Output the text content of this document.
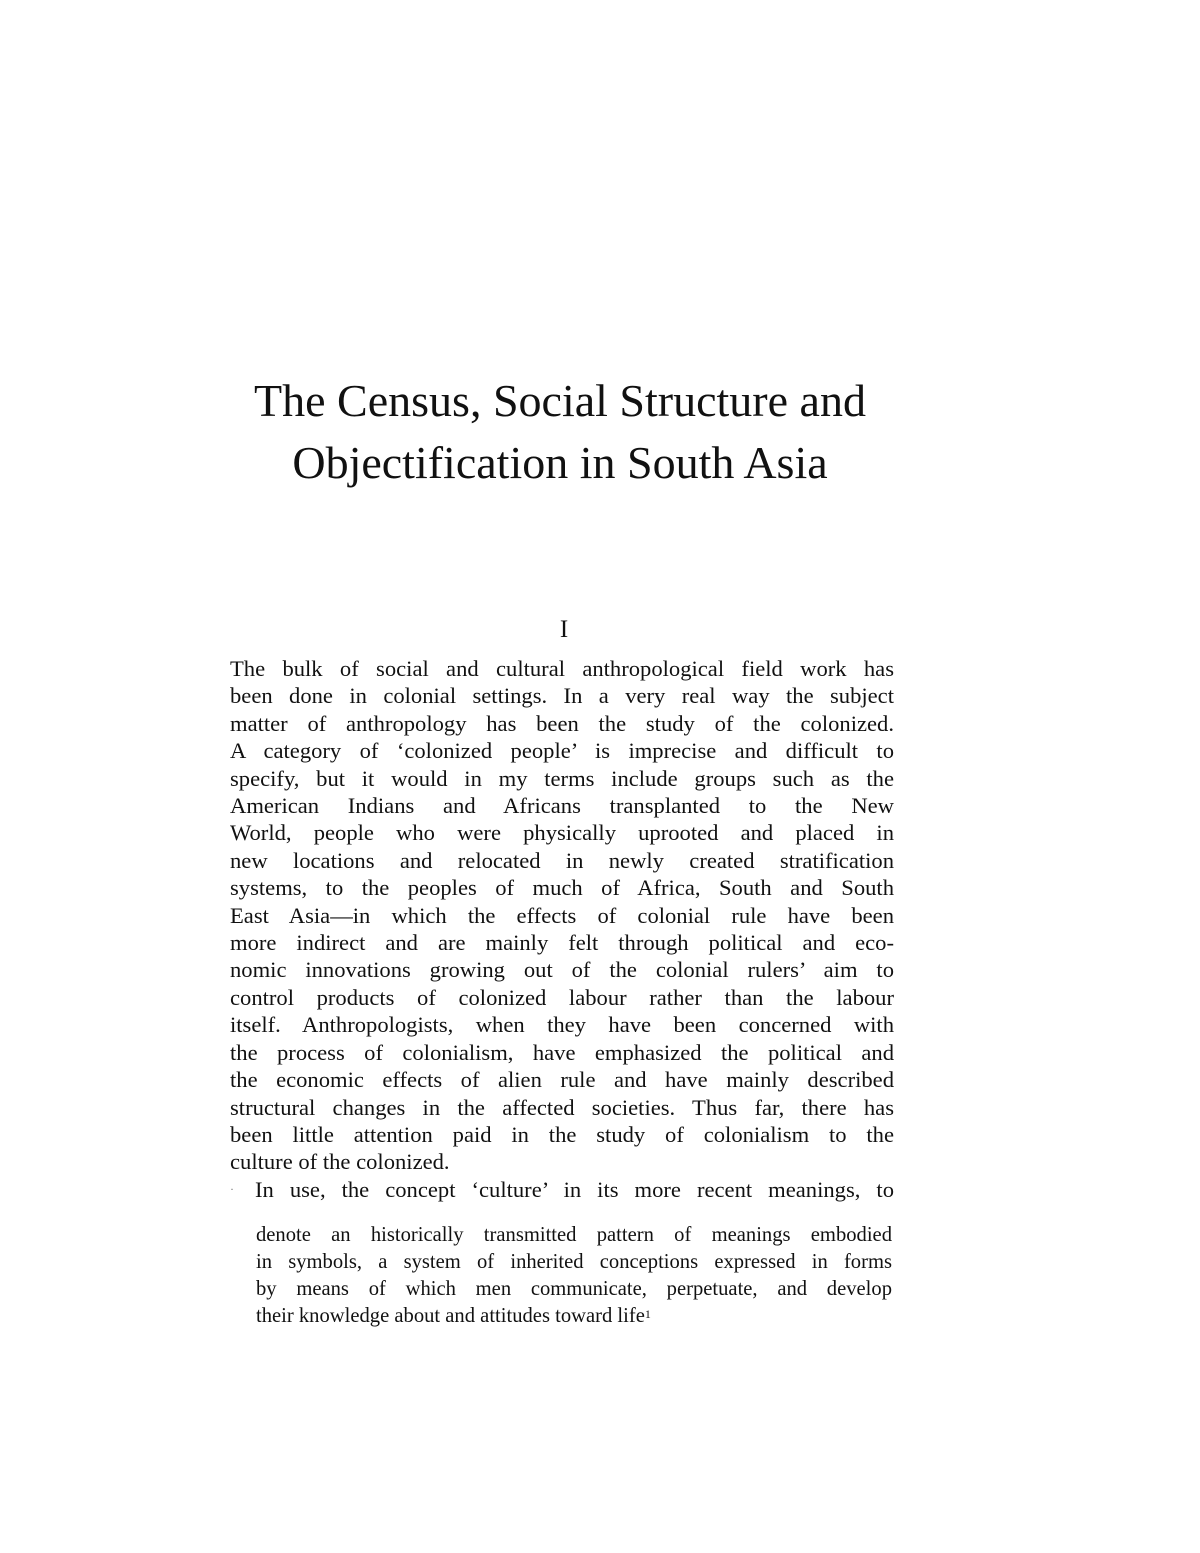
The Census, Social Structure and
Objectification in South Asia
I
The bulk of social and cultural anthropological field work has
been done in colonial settings. In a very real way the subject
matter of anthropology has been the study of the colonized.
A category of ‘colonized people’ is imprecise and difficult to
specify, but it would in my terms include groups such as the
American Indians and Africans transplanted to the New
World, people who were physically uprooted and placed in
new locations and relocated in newly created stratification
systems, to the peoples of much of Africa, South and South
East Asia—in which the effects of colonial rule have been
more indirect and are mainly felt through political and eco-
nomic innovations growing out of the colonial rulers’ aim to
control products of colonized labour rather than the labour
itself. Anthropologists, when they have been concerned with
the process of colonialism, have emphasized the political and
the economic effects of alien rule and have mainly described
structural changes in the affected societies. Thus far, there has
been little attention paid in the study of colonialism to the
culture of the colonized.
· In use, the concept ‘culture’ in its more recent meanings, to
denote an historically transmitted pattern of meanings embodied
in symbols, a system of inherited conceptions expressed in forms
by means of which men communicate, perpetuate, and develop
their knowledge about and attitudes toward life$^1$
